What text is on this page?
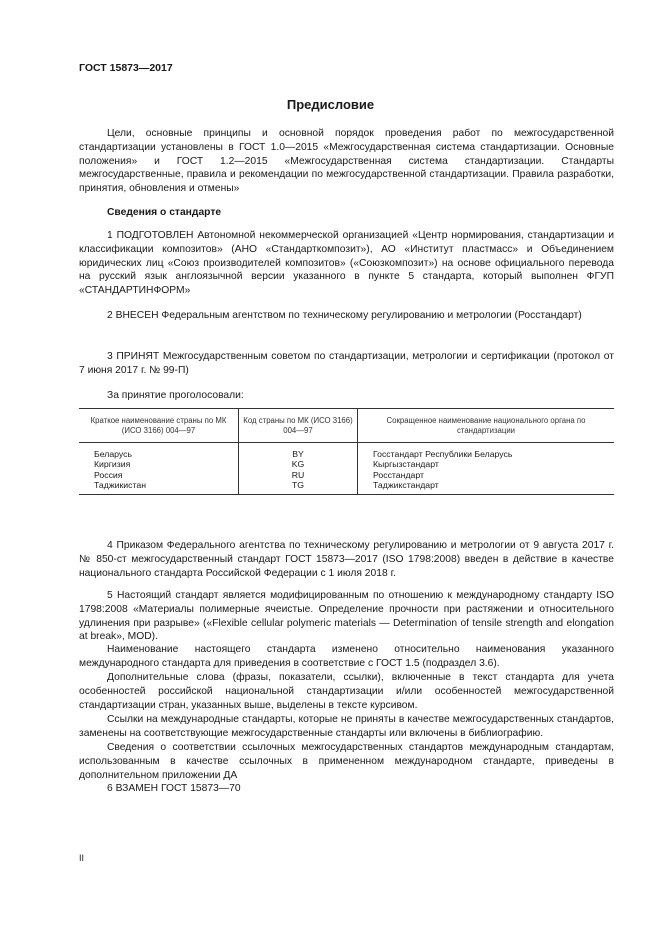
ГОСТ 15873—2017
Предисловие
Цели, основные принципы и основной порядок проведения работ по межгосударственной стандартизации установлены в ГОСТ 1.0—2015 «Межгосударственная система стандартизации. Основные положения» и ГОСТ 1.2—2015 «Межгосударственная система стандартизации. Стандарты межгосударственные, правила и рекомендации по межгосударственной стандартизации. Правила разработки, принятия, обновления и отмены»
Сведения о стандарте
1 ПОДГОТОВЛЕН Автономной некоммерческой организацией «Центр нормирования, стандартизации и классификации композитов» (АНО «Стандарткомпозит»), АО «Институт пластмасс» и Объединением юридических лиц «Союз производителей композитов» («Союзкомпозит») на основе официального перевода на русский язык англоязычной версии указанного в пункте 5 стандарта, который выполнен ФГУП «СТАНДАРТИНФОРМ»
2 ВНЕСЕН Федеральным агентством по техническому регулированию и метрологии (Росстандарт)
3 ПРИНЯТ Межгосударственным советом по стандартизации, метрологии и сертификации (протокол от 7 июня 2017 г. № 99-П)
За принятие проголосовали:
Краткое наименование страны по МК (ИСО 3166) 004—97	Код страны по МК (ИСО 3166) 004—97	Сокращенное наименование национального органа по стандартизации
Беларусь	BY	Госстандарт Республики Беларусь
Киргизия	KG	Кыргызстандарт
Россия	RU	Росстандарт
Таджикистан	TG	Таджикстандарт
4 Приказом Федерального агентства по техническому регулированию и метрологии от 9 августа 2017 г. № 850-ст межгосударственный стандарт ГОСТ 15873—2017 (ISO 1798:2008) введен в действие в качестве национального стандарта Российской Федерации с 1 июля 2018 г.
5 Настоящий стандарт является модифицированным по отношению к международному стандарту ISO 1798:2008 «Материалы полимерные ячеистые. Определение прочности при растяжении и относительного удлинения при разрыве» («Flexible cellular polymeric materials — Determination of tensile strength and elongation at break», MOD).
Наименование настоящего стандарта изменено относительно наименования указанного международного стандарта для приведения в соответствие с ГОСТ 1.5 (подраздел 3.6).
Дополнительные слова (фразы, показатели, ссылки), включенные в текст стандарта для учета особенностей российской национальной стандартизации и/или особенностей межгосударственной стандартизации стран, указанных выше, выделены в тексте курсивом.
Ссылки на международные стандарты, которые не приняты в качестве межгосударственных стандартов, заменены на соответствующие межгосударственные стандарты или включены в библиографию.
Сведения о соответствии ссылочных межгосударственных стандартов международным стандартам, использованным в качестве ссылочных в примененном международном стандарте, приведены в дополнительном приложении ДА
6 ВЗАМЕН ГОСТ 15873—70
II
